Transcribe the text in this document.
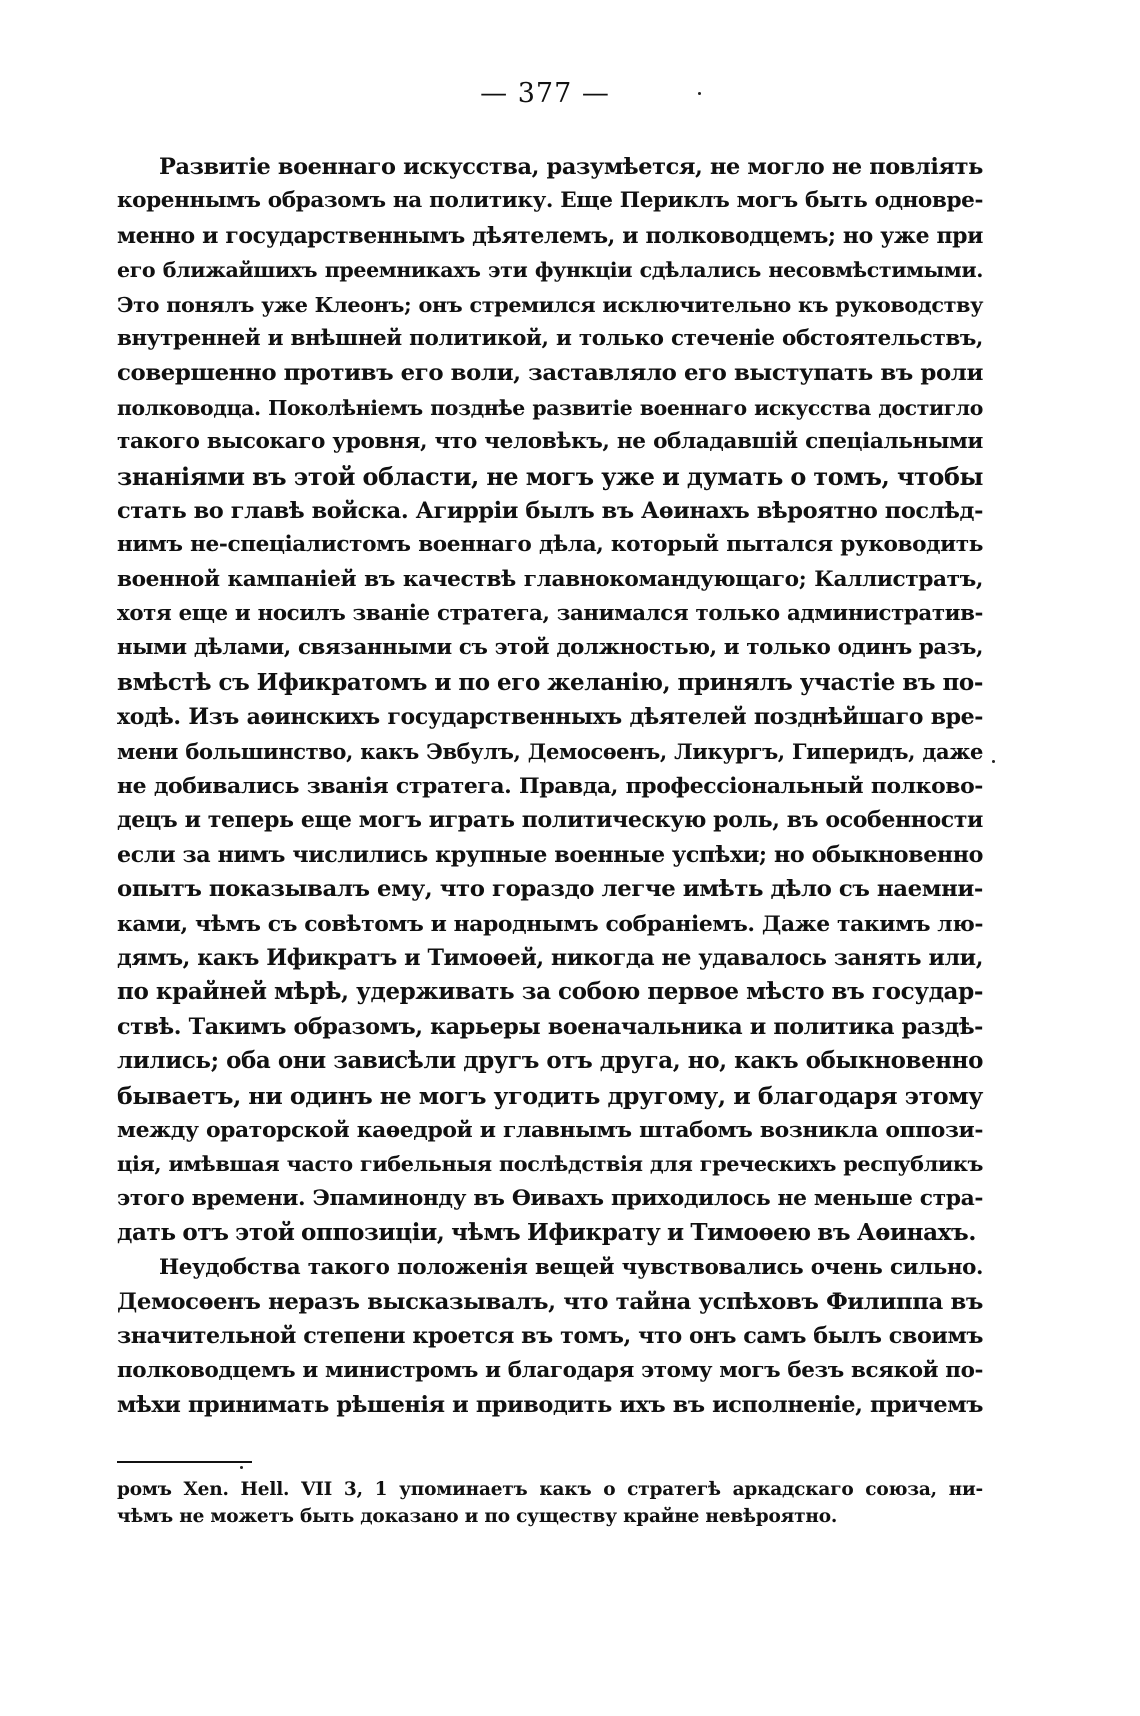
— 377 —
Развитіе военнаго искусства, разумѣется, не могло не повліять
кореннымъ образомъ на политику. Еще Периклъ могъ быть одновре-
менно и государственнымъ дѣятелемъ, и полководцемъ; но уже при
его ближайшихъ преемникахъ эти функціи сдѣлались несовмѣстимыми.
Это понялъ уже Клеонъ; онъ стремился исключительно къ руководству
внутренней и внѣшней политикой, и только стеченіе обстоятельствъ,
совершенно противъ его воли, заставляло его выступать въ роли
полководца. Поколѣніемъ позднѣе развитіе военнаго искусства достигло
такого высокаго уровня, что человѣкъ, не обладавшій спеціальными
знаніями въ этой области, не могъ уже и думать о томъ, чтобы
стать во главѣ войска. Агирріи былъ въ Аѳинахъ вѣроятно послѣд-
нимъ не-спеціалистомъ военнаго дѣла, который пытался руководить
военной кампаніей въ качествѣ главнокомандующаго; Каллистратъ,
хотя еще и носилъ званіе стратега, занимался только административ-
ными дѣлами, связанными съ этой должностью, и только одинъ разъ,
вмѣстѣ съ Ификратомъ и по его желанію, принялъ участіе въ по-
ходѣ. Изъ аѳинскихъ государственныхъ дѣятелей позднѣйшаго вре-
мени большинство, какъ Эвбулъ, Демосѳенъ, Ликургъ, Гиперидъ, даже
не добивались званія стратега. Правда, профессіональный полково-
децъ и теперь еще могъ играть политическую роль, въ особенности
если за нимъ числились крупные военные успѣхи; но обыкновенно
опытъ показывалъ ему, что гораздо легче имѣть дѣло съ наемни-
ками, чѣмъ съ совѣтомъ и народнымъ собраніемъ. Даже такимъ лю-
дямъ, какъ Ификратъ и Тимоѳей, никогда не удавалось занять или,
по крайней мѣрѣ, удерживать за собою первое мѣсто въ государ-
ствѣ. Такимъ образомъ, карьеры военачальника и политика раздѣ-
лились; оба они зависѣли другъ отъ друга, но, какъ обыкновенно
бываетъ, ни одинъ не могъ угодить другому, и благодаря этому
между ораторской каѳедрой и главнымъ штабомъ возникла оппози-
ція, имѣвшая часто гибельныя послѣдствія для греческихъ республикъ
этого времени. Эпаминонду въ Ѳивахъ приходилось не меньше стра-
дать отъ этой оппозиціи, чѣмъ Ификрату и Тимоѳею въ Аѳинахъ.
Неудобства такого положенія вещей чувствовались очень сильно.
Демосѳенъ неразъ высказывалъ, что тайна успѣховъ Филиппа въ
значительной степени кроется въ томъ, что онъ самъ былъ своимъ
полководцемъ и министромъ и благодаря этому могъ безъ всякой по-
мѣхи принимать рѣшенія и приводить ихъ въ исполненіе, причемъ
ромъ Xen. Hell. VII 3, 1 упоминаетъ какъ о стратегѣ аркадскаго союза, ни-
чѣмъ не можетъ быть доказано и по существу крайне невѣроятно.
